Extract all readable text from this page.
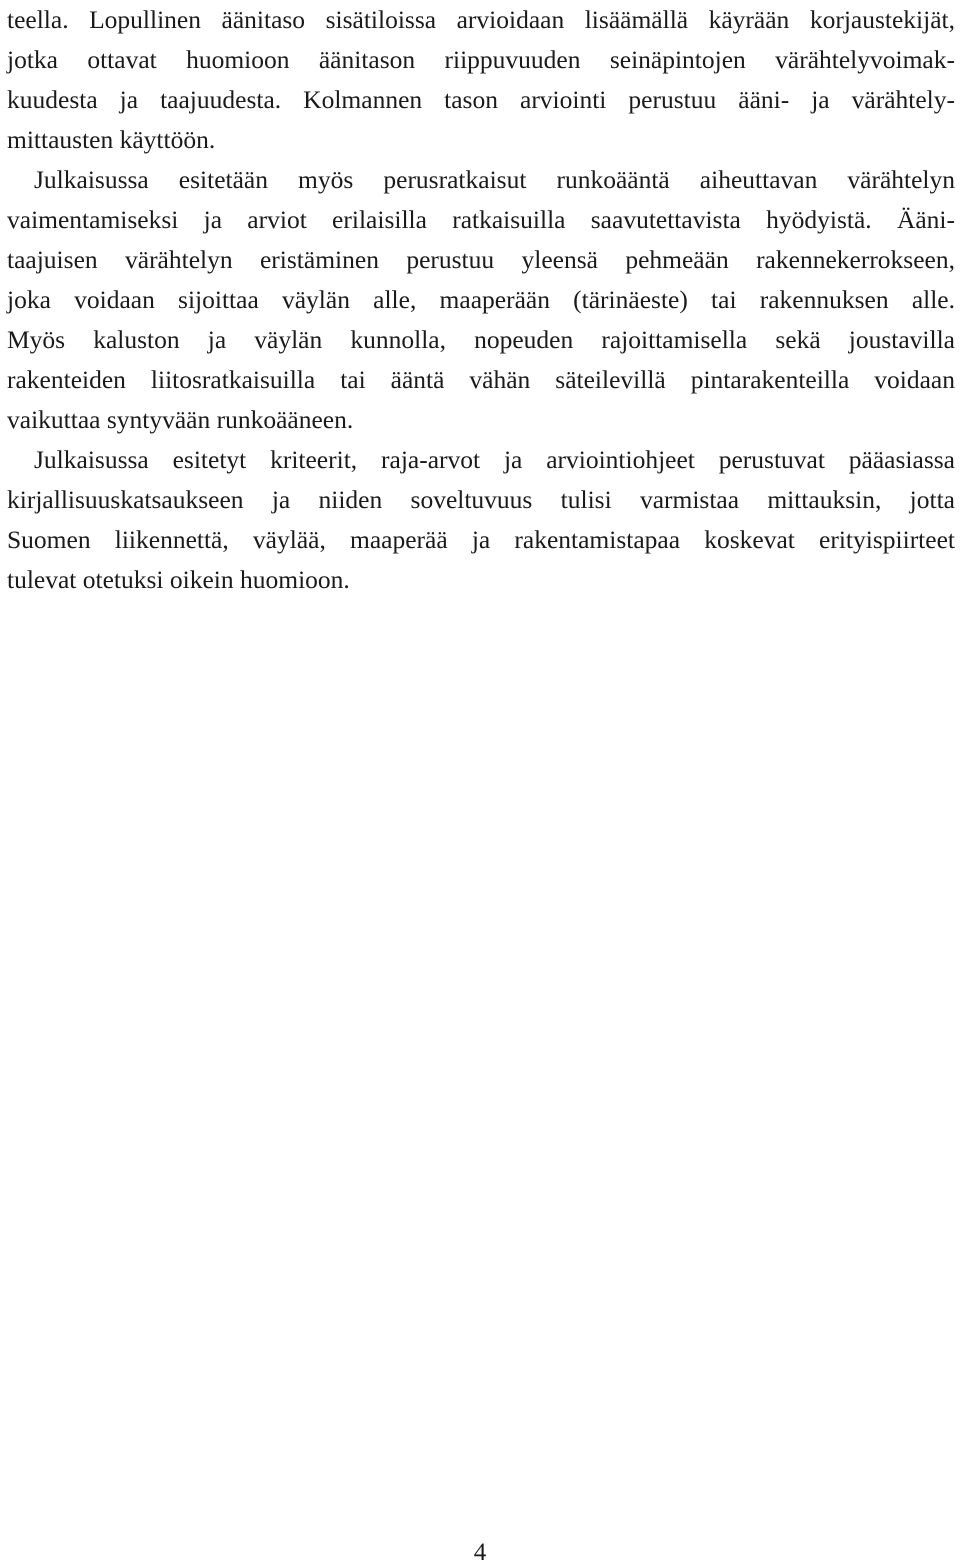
teella. Lopullinen äänitaso sisätiloissa arvioidaan lisäämällä käyrään korjaustekijät,
jotka ottavat huomioon äänitason riippuvuuden seinäpintojen värähtelyvoimak-
kuudesta ja taajuudesta. Kolmannen tason arviointi perustuu ääni- ja värähtely-
mittausten käyttöön.
Julkaisussa esitetään myös perusratkaisut runkoääntä aiheuttavan värähtelyn
vaimentamiseksi ja arviot erilaisilla ratkaisuilla saavutettavista hyödyistä. Ääni-
taajuisen värähtelyn eristäminen perustuu yleensä pehmeään rakennekerrokseen,
joka voidaan sijoittaa väylän alle, maaperään (tärinäeste) tai rakennuksen alle.
Myös kaluston ja väylän kunnolla, nopeuden rajoittamisella sekä joustavilla
rakenteiden liitosratkaisuilla tai ääntä vähän säteilevillä pintarakenteilla voidaan
vaikuttaa syntyvään runkoääneen.
Julkaisussa esitetyt kriteerit, raja-arvot ja arviointiohjeet perustuvat pääasiassa
kirjallisuuskatsaukseen ja niiden soveltuvuus tulisi varmistaa mittauksin, jotta
Suomen liikennettä, väylää, maaperää ja rakentamistapaa koskevat erityispiirteet
tulevat otetuksi oikein huomioon.
4
